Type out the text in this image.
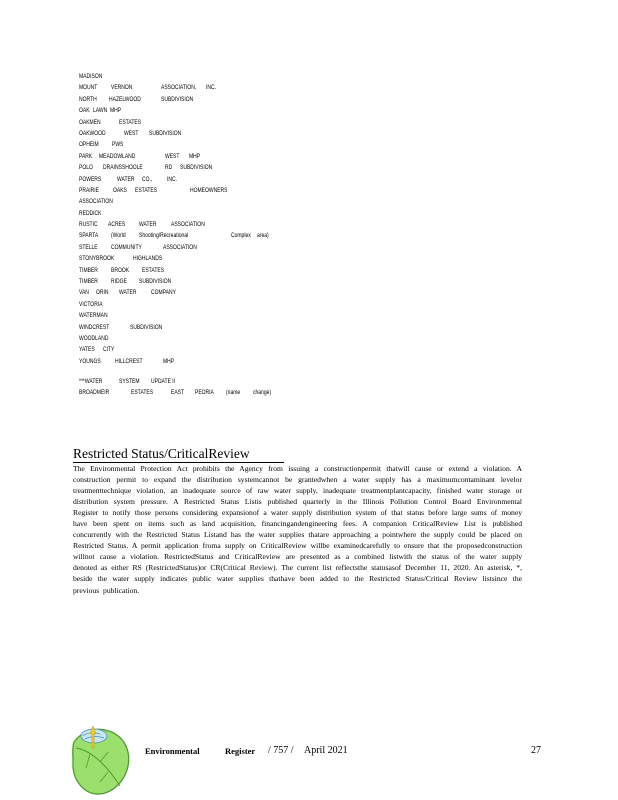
MADISON
MOUNT	VERNON	ASSOCIATION, INC.
NORTH HAZELWOOD	SUBDIVISION
OAK LAWN MHP
OAKMEN	ESTATES
OAKWOOD	WEST SUBDIVISION
OPHEIM	PWS
PARK MEADOWLAND	WEST MHP
POLO DRAINSSHOOLE	RD SUBDIVISION
POWERS	WATER CO.,	INC.
PRAIRIE	OAKS ESTATES	HOMEOWNERS
ASSOCIATION
REDDICK
RUSTIC ACRES	WATER	ASSOCIATION
SPARTA	(World	Shooting/Recreational	Complex area)
STELLE	COMMUNITY	ASSOCIATION
STONYBROOK	HIGHLANDS
TIMBER	BROOK	ESTATES
TIMBER	RIDGE SUBDIVISION
VAN ORIN WATER	COMPANY
VICTORIA
WATERMAN
WINDCREST	SUBDIVISION
WOODLAND
YATES CITY
YOUNGS	HILLCREST	MHP
***WATER	SYSTEM UPDATE II
BROADMEIR	ESTATES	EAST PEORIA (name	change)
Restricted Status/CriticalReview
The Environmental Protection Act prohibits the Agency from issuing a constructionpermit thatwill cause or extend a violation. A construction permit to expand the distribution systemcannot be grantedwhen a water supply has a maximumcontaminant levelor treatmenttechnique violation, an inadequate source of raw water supply, inadequate treatmentplantcapacity, finished water storage or distribution system pressure. A Restricted Status Listis published quarterly in the Illinois Pollution Control Board Environmental Register to notify those persons considering expansionof a water supply distribution system of that status before large sums of money have been spent on items such as land acquisition, financingandengineering fees. A companion CriticalReview List is published concurrently with the Restricted Status Listand has the water supplies thatare approaching a pointwhere the supply could be placed on Restricted Status. A permit application froma supply on CriticalReview willbe examinedcarefully to ensure that the proposedconstruction willnot cause a violation. RestrictedStatus and CriticalReview are presented as a combined listwith the status of the water supply denoted as either RS (RestrictedStatus)or CR(Critical Review). The current list reflectsthe statusasof December 11, 2020. An asterisk, *, beside the water supply indicates public water supplies thathave been added to the Restricted Status/Critical Review listsince the previous publication.
Environmental	Register / 757 / April 2021	27
